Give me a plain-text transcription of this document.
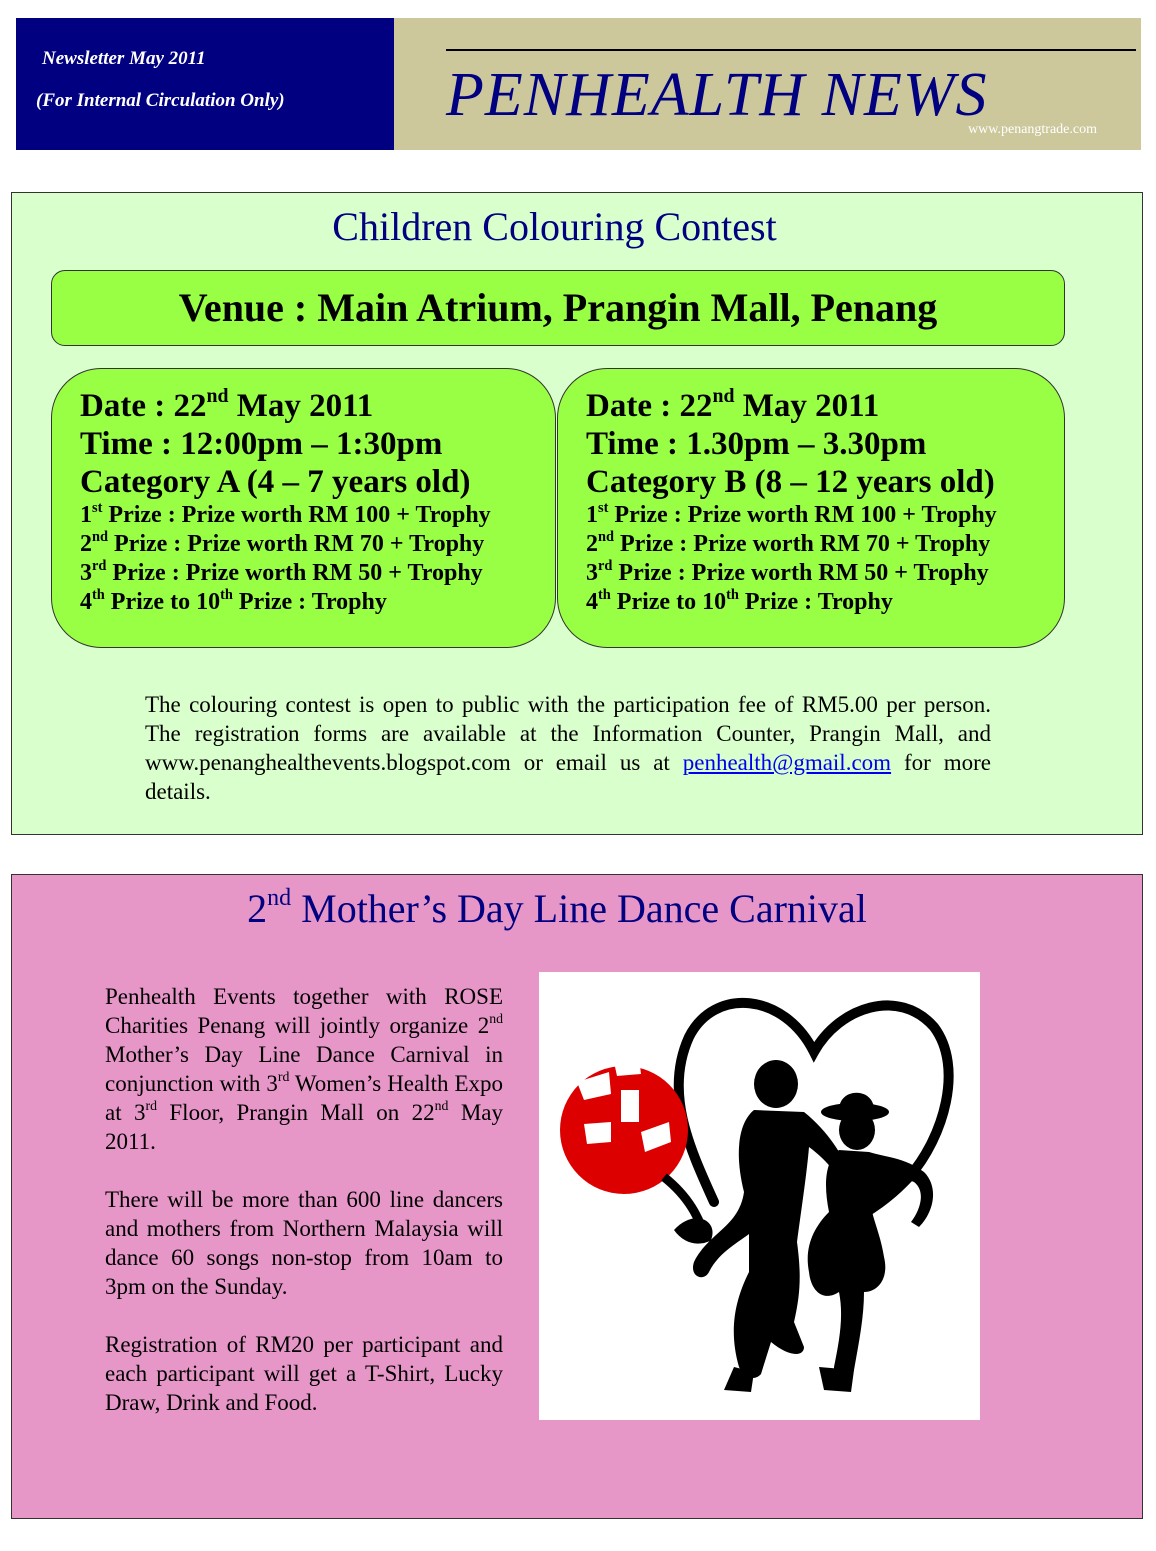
Newsletter May 2011
(For Internal Circulation Only)	PENHEALTH NEWS
www.penangtrade.com
Children Colouring Contest
Venue : Main Atrium, Prangin Mall, Penang
Date : 22nd May 2011
Time : 12:00pm – 1:30pm
Category A (4 – 7 years old)
1st Prize : Prize worth RM 100 + Trophy
2nd Prize : Prize worth RM 70 + Trophy
3rd Prize : Prize worth RM 50 + Trophy
4th Prize to 10th Prize : Trophy
Date : 22nd May 2011
Time : 1.30pm – 3.30pm
Category B (8 – 12 years old)
1st Prize : Prize worth RM 100 + Trophy
2nd Prize : Prize worth RM 70 + Trophy
3rd Prize : Prize worth RM 50 + Trophy
4th Prize to 10th Prize : Trophy
The colouring contest is open to public with the participation fee of RM5.00 per person. The registration forms are available at the Information Counter, Prangin Mall, and www.penanghealthevents.blogspot.com or email us at penhealth@gmail.com for more details.
2nd Mother’s Day Line Dance Carnival

Penhealth Events together with ROSE Charities Penang will jointly organize 2nd Mother’s Day Line Dance Carnival in conjunction with 3rd Women’s Health Expo at 3rd Floor, Prangin Mall on 22nd May 2011.

There will be more than 600 line dancers and mothers from Northern Malaysia will dance 60 songs non-stop from 10am to 3pm on the Sunday.

Registration of RM20 per participant and each participant will get a T-Shirt, Lucky Draw, Drink and Food.
